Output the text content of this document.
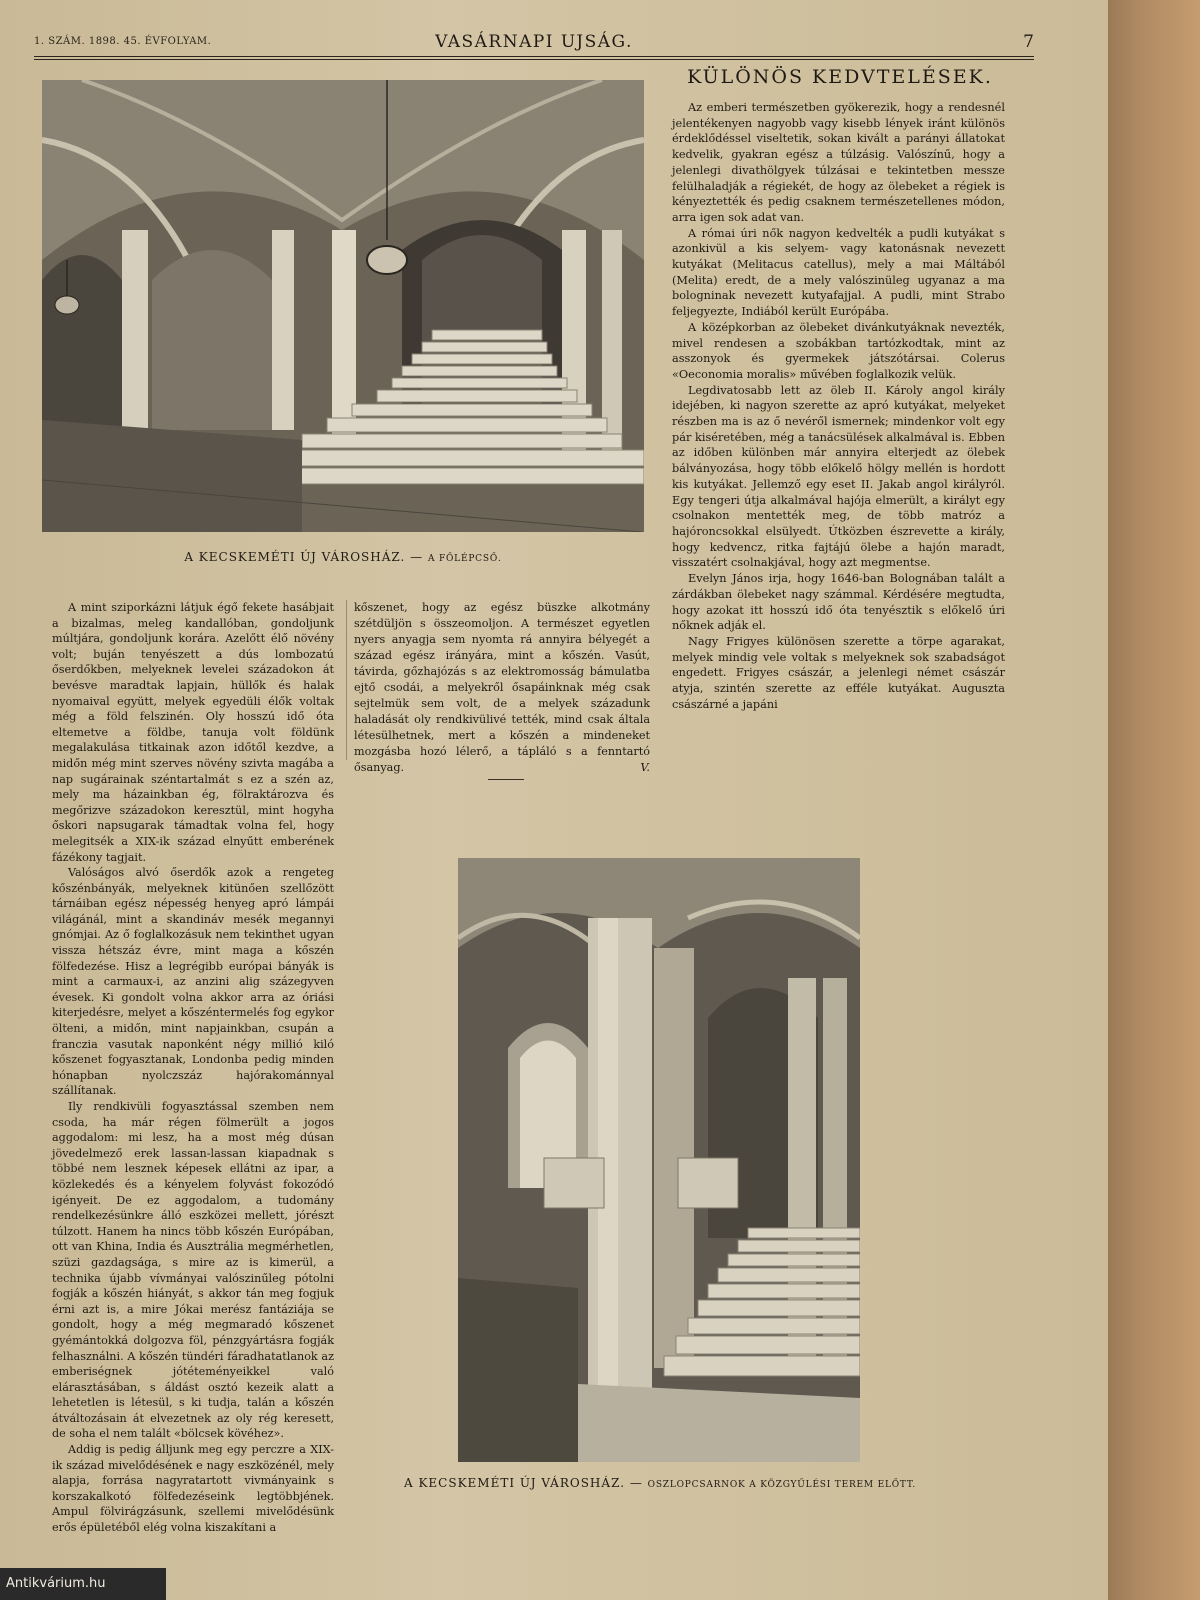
1. SZÁM. 1898. 45. ÉVFOLYAM.	VASÁRNAPI UJSÁG.	7
A KECSKEMÉTI ÚJ VÁROSHÁZ. — A FŐLÉPCSŐ.
KÜLÖNÖS KEDVTELÉSEK.

Az emberi természetben gyökerezik, hogy a rendesnél jelentékenyen nagyobb vagy kisebb lények iránt különös érdeklődéssel viseltetik, sokan kivált a parányi állatokat kedvelik, gyakran egész a túlzásig. Valószínű, hogy a jelenlegi divathölgyek túlzásai e tekintetben messze felülhaladják a régiekét, de hogy az ölebeket a régiek is kényeztették és pedig csaknem természetellenes módon, arra igen sok adat van.

A római úri nők nagyon kedvelték a pudli kutyákat s azonkivül a kis selyem- vagy katonásnak nevezett kutyákat (Melitacus catellus), mely a mai Máltából (Melita) eredt, de a mely valószinüleg ugyanaz a ma bologninak nevezett kutyafajjal. A pudli, mint Strabo feljegyezte, Indiából került Európába.

A középkorban az ölebeket divánkutyáknak nevezték, mivel rendesen a szobákban tartózkodtak, mint az asszonyok és gyermekek játszótársai. Colerus «Oeconomia moralis» művében foglalkozik velük.

Legdivatosabb lett az öleb II. Károly angol király idejében, ki nagyon szerette az apró kutyákat, melyeket részben ma is az ő nevéről ismernek; mindenkor volt egy pár kiséretében, még a tanácsülések alkalmával is. Ebben az időben különben már annyira elterjedt az ölebek bálványozása, hogy több előkelő hölgy mellén is hordott kis kutyákat. Jellemző egy eset II. Jakab angol királyról. Egy tengeri útja alkalmával hajója elmerült, a királyt egy csolnakon mentették meg, de több matróz a hajóroncsokkal elsülyedt. Útközben észrevette a király, hogy kedvencz, ritka fajtájú ölebe a hajón maradt, visszatért csolnakjával, hogy azt megmentse.

Evelyn János irja, hogy 1646-ban Bolognában talált a zárdákban ölebeket nagy számmal. Kérdésére megtudta, hogy azokat itt hosszú idő óta tenyésztik s előkelő úri nőknek adják el.

Nagy Frigyes különösen szerette a törpe agarakat, melyek mindig vele voltak s melyeknek sok szabadságot engedett. Frigyes császár, a jelenlegi német császár atyja, szintén szerette az efféle kutyákat. Auguszta császárné a japáni

A mint sziporkázni látjuk égő fekete hasábjait a bizalmas, meleg kandallóban, gondoljunk múltjára, gondoljunk korára. Azelőtt élő növény volt; buján tenyészett a dús lombozatú őserdőkben, melyeknek levelei századokon át bevésve maradtak lapjain, hüllők és halak nyomaival együtt, melyek egyedüli élők voltak még a föld felszinén. Oly hosszú idő óta eltemetve a földbe, tanuja volt földünk megalakulása titkainak azon időtől kezdve, a midőn még mint szerves növény szivta magába a nap sugárainak széntartalmát s ez a szén az, mely ma házainkban ég, fölraktározva és megőrizve századokon keresztül, mint hogyha őskori napsugarak támadtak volna fel, hogy melegitsék a XIX-ik század elnyűtt emberének fázékony tagjait.

Valóságos alvó őserdők azok a rengeteg kőszénbányák, melyeknek kitünően szellőzött tárnáiban egész népesség henyeg apró lámpái világánál, mint a skandináv mesék megannyi gnómjai. Az ő foglalkozásuk nem tekinthet ugyan vissza hétszáz évre, mint maga a kőszén fölfedezése. Hisz a legrégibb európai bányák is mint a carmaux-i, az anzini alig százegyven évesek. Ki gondolt volna akkor arra az óriási kiterjedésre, melyet a kőszéntermelés fog egykor ölteni, a midőn, mint napjainkban, csupán a franczia vasutak naponként négy millió kiló kőszenet fogyasztanak, Londonba pedig minden hónapban nyolczszáz hajórakománnyal szállítanak.

Ily rendkivüli fogyasztással szemben nem csoda, ha már régen fölmerült a jogos aggodalom: mi lesz, ha a most még dúsan jövedelmező erek lassan-lassan kiapadnak s többé nem lesznek képesek ellátni az ipar, a közlekedés és a kényelem folyvást fokozódó igényeit. De ez aggodalom, a tudomány rendelkezésünkre álló eszközei mellett, jórészt túlzott. Hanem ha nincs több kőszén Európában, ott van Khina, India és Ausztrália megmérhetlen, szüzi gazdagsága, s mire az is kimerül, a technika újabb vívmányai valószinűleg pótolni fogják a kőszén hiányát, s akkor tán meg fogjuk érni azt is, a mire Jókai merész fantáziája se gondolt, hogy a még megmaradó kőszenet gyémántokká dolgozva föl, pénzgyártásra fogják felhasználni. A kőszén tündéri fáradhatatlanok az emberiségnek jótéteményeikkel való elárasztásában, s áldást osztó kezeik alatt a lehetetlen is létesül, s ki tudja, talán a kőszén átváltozásain át elvezetnek az oly rég keresett, de soha el nem talált «bölcsek kövéhez».

Addig is pedig álljunk meg egy perczre a XIX-ik század mivelődésének e nagy eszközénél, mely alapja, forrása nagyratartott vivmányaink s korszakalkotó fölfedezéseink legtöbbjének. Ampul fölvirágzásunk, szellemi mivelődésünk erős épületéből elég volna kiszakítani a

kőszenet, hogy az egész büszke alkotmány szétdüljön s összeomoljon. A természet egyetlen nyers anyagja sem nyomta rá annyira bélyegét a század egész irányára, mint a kőszén. Vasút, távirda, gőzhajózás s az elektromosság bámulatba ejtő csodái, a melyekről ősapáinknak még csak sejtelmük sem volt, de a melyek századunk haladását oly rendkivülivé tették, mind csak általa létesülhetnek, mert a kőszén a mindeneket mozgásba hozó lélerő, a tápláló s a fenntartó ősanyag.	V.
A KECSKEMÉTI ÚJ VÁROSHÁZ. — OSZLOPCSARNOK A KÖZGYŰLÉSI TEREM ELŐTT.
Antikvárium.hu
